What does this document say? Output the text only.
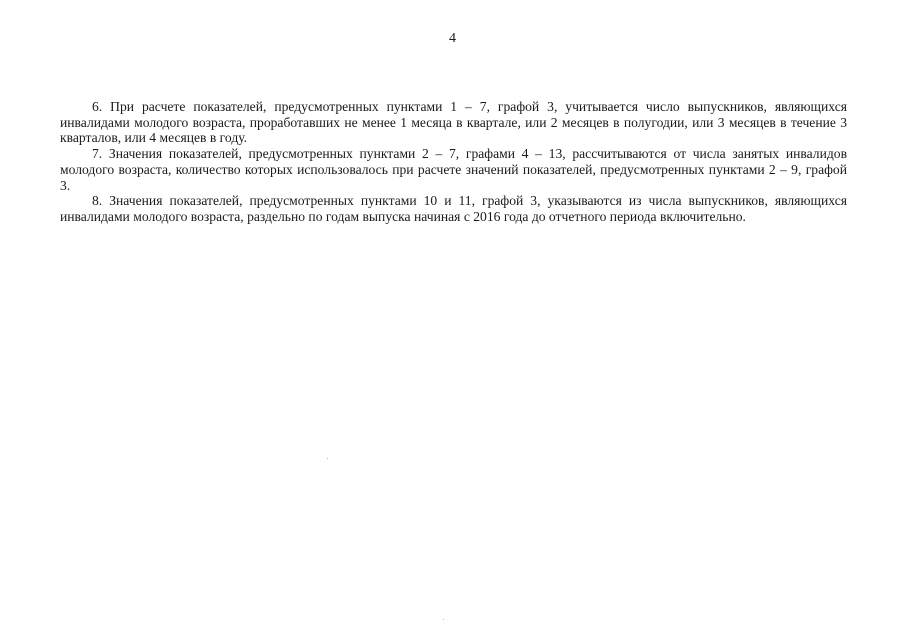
4

6. При расчете показателей, предусмотренных пунктами 1 – 7, графой 3, учитывается число выпускников, являющихся инвалидами молодого возраста, проработавших не менее 1 месяца в квартале, или 2 месяцев в полугодии, или 3 месяцев в течение 3 кварталов, или 4 месяцев в году.

7. Значения показателей, предусмотренных пунктами 2 – 7, графами 4 – 13, рассчитываются от числа занятых инвалидов молодого возраста, количество которых использовалось при расчете значений показателей, предусмотренных пунктами 2 – 9, графой 3.

8. Значения показателей, предусмотренных пунктами 10 и 11, графой 3, указываются из числа выпускников, являющихся инвалидами молодого возраста, раздельно по годам выпуска начиная с 2016 года до отчетного периода включительно.
